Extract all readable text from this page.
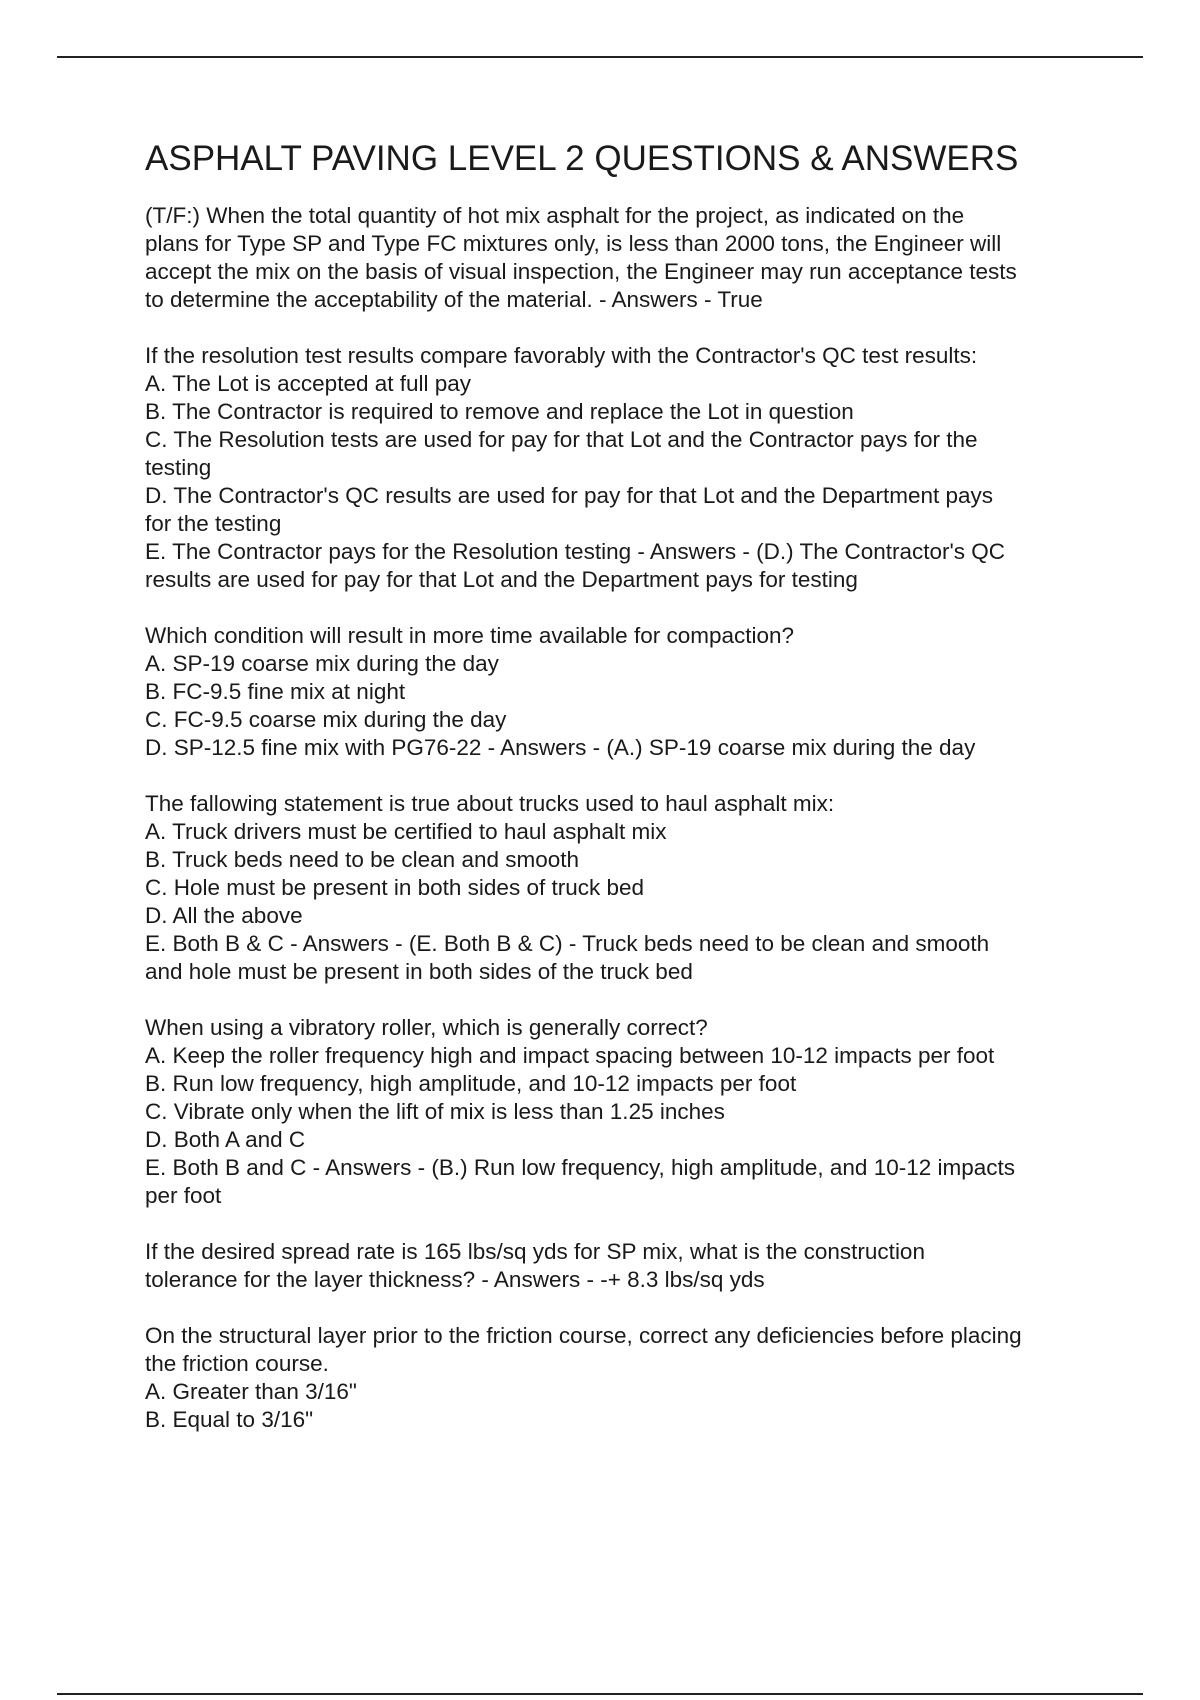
ASPHALT PAVING LEVEL 2 QUESTIONS & ANSWERS
(T/F:) When the total quantity of hot mix asphalt for the project, as indicated on the
plans for Type SP and Type FC mixtures only, is less than 2000 tons, the Engineer will
accept the mix on the basis of visual inspection, the Engineer may run acceptance tests
to determine the acceptability of the material. - Answers - True
If the resolution test results compare favorably with the Contractor's QC test results:
A. The Lot is accepted at full pay
B. The Contractor is required to remove and replace the Lot in question
C. The Resolution tests are used for pay for that Lot and the Contractor pays for the
testing
D. The Contractor's QC results are used for pay for that Lot and the Department pays
for the testing
E. The Contractor pays for the Resolution testing - Answers - (D.) The Contractor's QC
results are used for pay for that Lot and the Department pays for testing
Which condition will result in more time available for compaction?
A. SP-19 coarse mix during the day
B. FC-9.5 fine mix at night
C. FC-9.5 coarse mix during the day
D. SP-12.5 fine mix with PG76-22 - Answers - (A.) SP-19 coarse mix during the day
The fallowing statement is true about trucks used to haul asphalt mix:
A. Truck drivers must be certified to haul asphalt mix
B. Truck beds need to be clean and smooth
C. Hole must be present in both sides of truck bed
D. All the above
E. Both B & C - Answers - (E. Both B & C) - Truck beds need to be clean and smooth
and hole must be present in both sides of the truck bed
When using a vibratory roller, which is generally correct?
A. Keep the roller frequency high and impact spacing between 10-12 impacts per foot
B. Run low frequency, high amplitude, and 10-12 impacts per foot
C. Vibrate only when the lift of mix is less than 1.25 inches
D. Both A and C
E. Both B and C - Answers - (B.) Run low frequency, high amplitude, and 10-12 impacts
per foot
If the desired spread rate is 165 lbs/sq yds for SP mix, what is the construction
tolerance for the layer thickness? - Answers - -+ 8.3 lbs/sq yds
On the structural layer prior to the friction course, correct any deficiencies before placing
the friction course.
A. Greater than 3/16"
B. Equal to 3/16"
